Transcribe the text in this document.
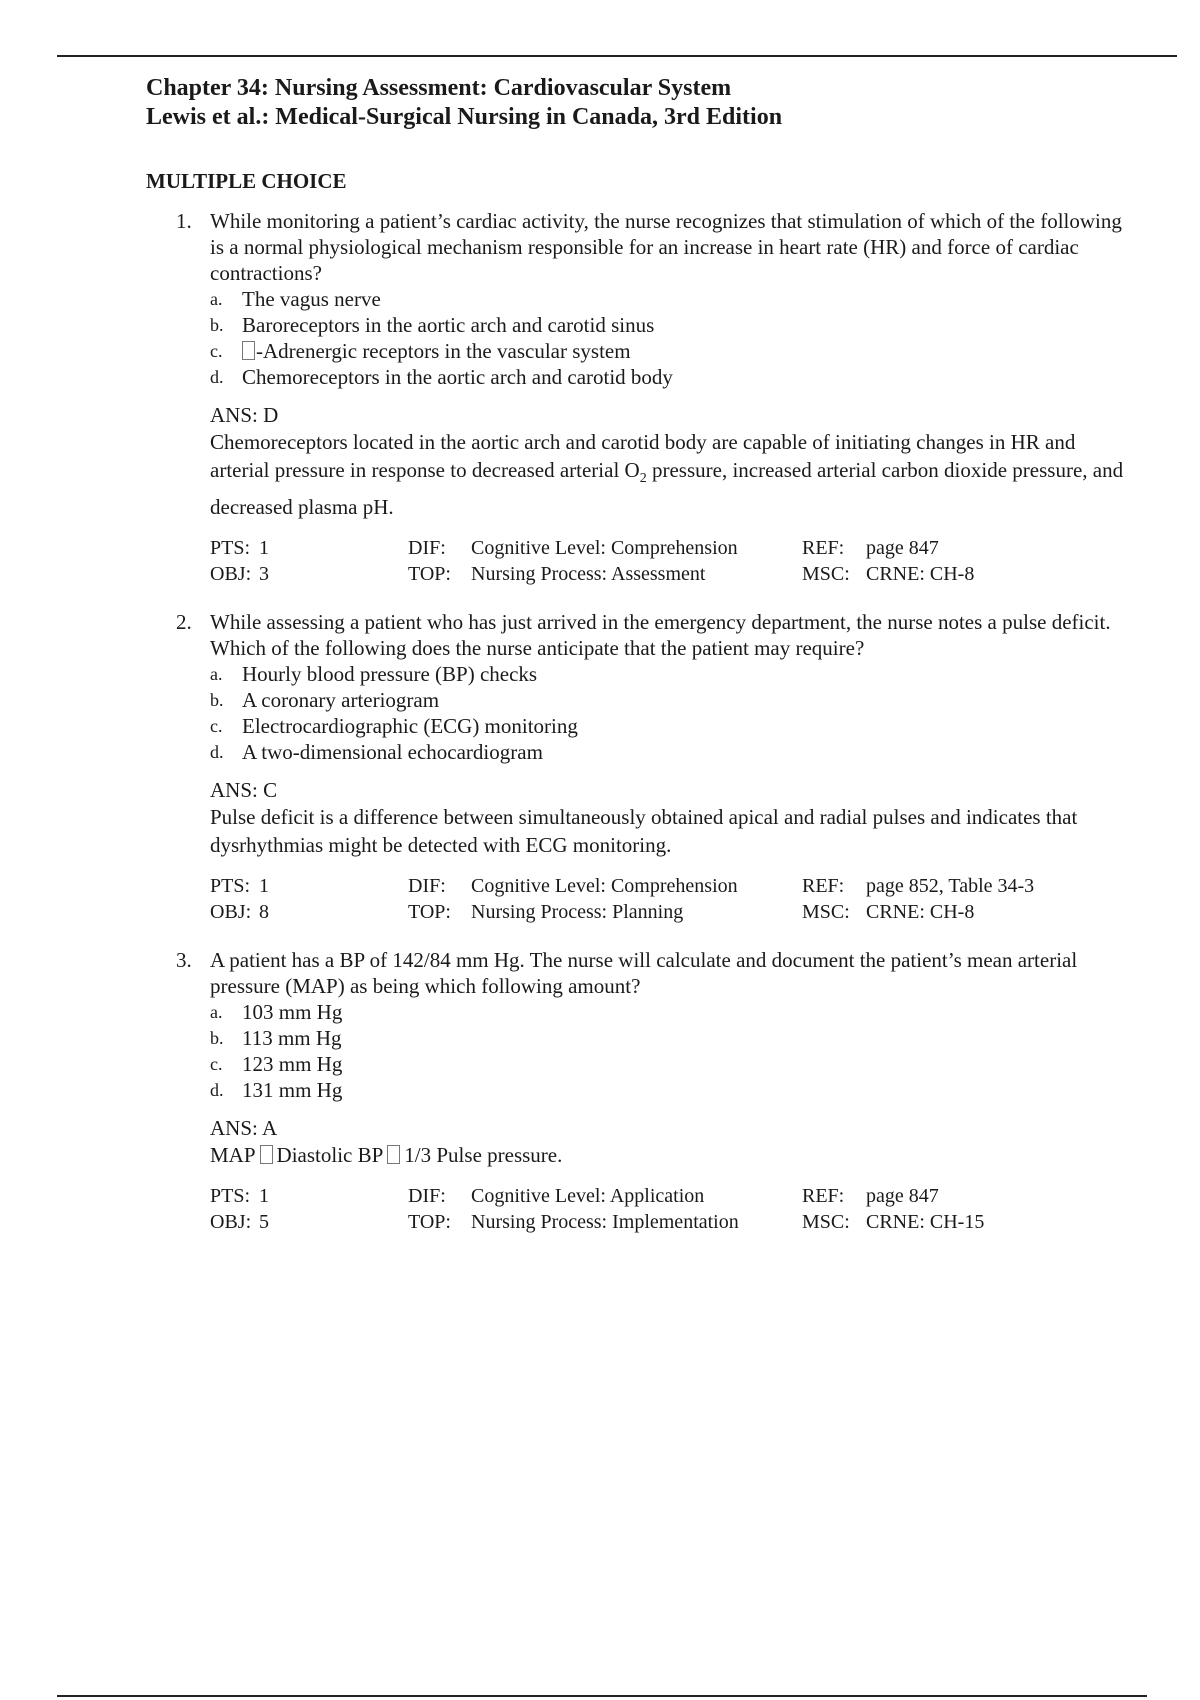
Chapter 34: Nursing Assessment: Cardiovascular System
Lewis et al.: Medical-Surgical Nursing in Canada, 3rd Edition
MULTIPLE CHOICE
1. While monitoring a patient’s cardiac activity, the nurse recognizes that stimulation of which of the following is a normal physiological mechanism responsible for an increase in heart rate (HR) and force of cardiac contractions?

a. The vagus nerve
b. Baroreceptors in the aortic arch and carotid sinus
c. -Adrenergic receptors in the vascular system
d. Chemoreceptors in the aortic arch and carotid body
ANS: D
Chemoreceptors located in the aortic arch and carotid body are capable of initiating changes in HR and arterial pressure in response to decreased arterial $O_2$ pressure, increased arterial carbon dioxide pressure, and decreased plasma pH.
PTS: 1	DIF: Cognitive Level: Comprehension	REF: page 847
OBJ: 3	TOP: Nursing Process: Assessment	MSC: CRNE: CH-8
2. While assessing a patient who has just arrived in the emergency department, the nurse notes a pulse deficit. Which of the following does the nurse anticipate that the patient may require?

a. Hourly blood pressure (BP) checks
b. A coronary arteriogram
c. Electrocardiographic (ECG) monitoring
d. A two-dimensional echocardiogram
ANS: C
Pulse deficit is a difference between simultaneously obtained apical and radial pulses and indicates that dysrhythmias might be detected with ECG monitoring.
PTS: 1	DIF: Cognitive Level: Comprehension	REF: page 852, Table 34-3
OBJ: 8	TOP: Nursing Process: Planning	MSC: CRNE: CH-8
3. A patient has a BP of 142/84 mm Hg. The nurse will calculate and document the patient’s mean arterial pressure (MAP) as being which following amount?

a. 103 mm Hg
b. 113 mm Hg
c. 123 mm Hg
d. 131 mm Hg
ANS: A
MAP Diastolic BP 1/3 Pulse pressure.
PTS: 1	DIF: Cognitive Level: Application	REF: page 847
OBJ: 5	TOP: Nursing Process: Implementation	MSC: CRNE: CH-15
